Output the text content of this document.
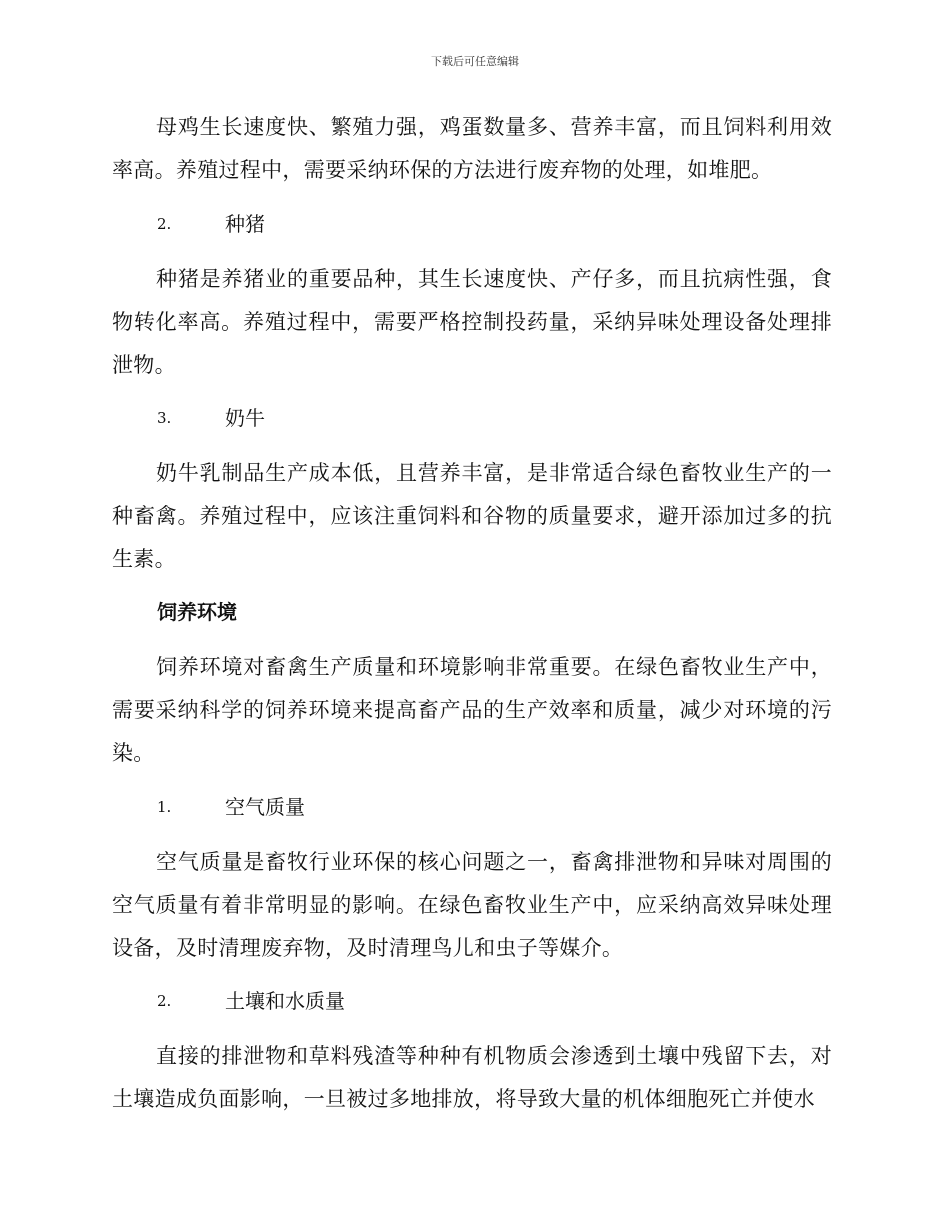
下载后可任意编辑

母鸡生长速度快、繁殖力强，鸡蛋数量多、营养丰富，而且饲料利用效率高。养殖过程中，需要采纳环保的方法进行废弃物的处理，如堆肥。

2.	种猪

种猪是养猪业的重要品种，其生长速度快、产仔多，而且抗病性强，食物转化率高。养殖过程中，需要严格控制投药量，采纳异味处理设备处理排泄物。

3.	奶牛

奶牛乳制品生产成本低，且营养丰富，是非常适合绿色畜牧业生产的一种畜禽。养殖过程中，应该注重饲料和谷物的质量要求，避开添加过多的抗生素。

饲养环境

饲养环境对畜禽生产质量和环境影响非常重要。在绿色畜牧业生产中，需要采纳科学的饲养环境来提高畜产品的生产效率和质量，减少对环境的污染。

1.	空气质量

空气质量是畜牧行业环保的核心问题之一，畜禽排泄物和异味对周围的空气质量有着非常明显的影响。在绿色畜牧业生产中，应采纳高效异味处理设备，及时清理废弃物，及时清理鸟儿和虫子等媒介。

2.	土壤和水质量

直接的排泄物和草料残渣等种种有机物质会渗透到土壤中残留下去，对土壤造成负面影响，一旦被过多地排放，将导致大量的机体细胞死亡并使水
